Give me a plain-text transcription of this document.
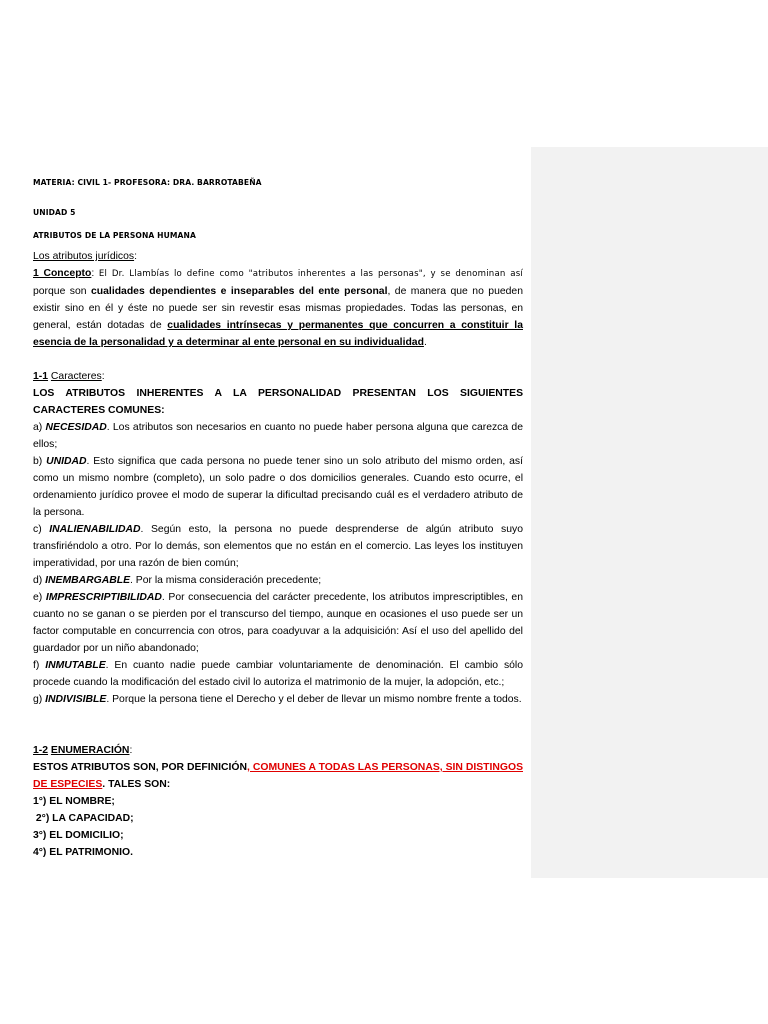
MATERIA: CIVIL 1- PROFESORA: DRA. BARROTABEÑA
UNIDAD 5
ATRIBUTOS DE LA PERSONA HUMANA

Los atributos jurídicos:

1 Concepto: El Dr. Llambías lo define como "atributos inherentes a las personas", y se denominan así porque son cualidades dependientes e inseparables del ente personal, de manera que no pueden existir sino en él y éste no puede ser sin revestir esas mismas propiedades. Todas las personas, en general, están dotadas de cualidades intrínsecas y permanentes que concurren a constituir la esencia de la personalidad y a determinar al ente personal en su individualidad.

1-1 Caracteres:

LOS ATRIBUTOS INHERENTES A LA PERSONALIDAD PRESENTAN LOS SIGUIENTES CARACTERES COMUNES:

a) NECESIDAD. Los atributos son necesarios en cuanto no puede haber persona alguna que carezca de ellos;

b) UNIDAD. Esto significa que cada persona no puede tener sino un solo atributo del mismo orden, así como un mismo nombre (completo), un solo padre o dos domicilios generales. Cuando esto ocurre, el ordenamiento jurídico provee el modo de superar la dificultad precisando cuál es el verdadero atributo de la persona.

c) INALIENABILIDAD. Según esto, la persona no puede desprenderse de algún atributo suyo transfiriéndolo a otro. Por lo demás, son elementos que no están en el comercio. Las leyes los instituyen imperatividad, por una razón de bien común;

d) INEMBARGABLE. Por la misma consideración precedente;

e) IMPRESCRIPTIBILIDAD. Por consecuencia del carácter precedente, los atributos imprescriptibles, en cuanto no se ganan o se pierden por el transcurso del tiempo, aunque en ocasiones el uso puede ser un factor computable en concurrencia con otros, para coadyuvar a la adquisición: Así el uso del apellido del guardador por un niño abandonado;

f) INMUTABLE. En cuanto nadie puede cambiar voluntariamente de denominación. El cambio sólo procede cuando la modificación del estado civil lo autoriza el matrimonio de la mujer, la adopción, etc.;

g) INDIVISIBLE. Porque la persona tiene el Derecho y el deber de llevar un mismo nombre frente a todos.

1-2 ENUMERACIÓN:

ESTOS ATRIBUTOS SON, POR DEFINICIÓN, COMUNES A TODAS LAS PERSONAS, SIN DISTINGOS DE ESPECIES. TALES SON:

1°) EL NOMBRE;

2°) LA CAPACIDAD;

3°) EL DOMICILIO;

4°) EL PATRIMONIO.
